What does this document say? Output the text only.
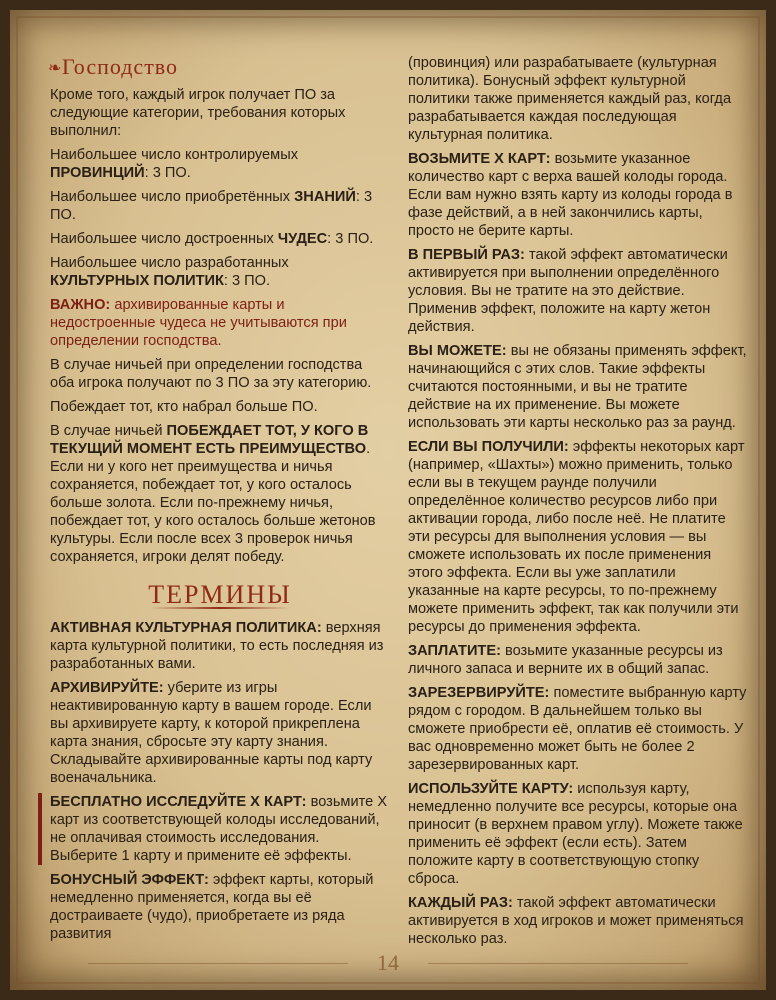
❧ Господство

Кроме того, каждый игрок получает ПО за следующие категории, требования которых выполнил:

Наибольшее число контролируемых ПРОВИНЦИЙ: 3 ПО.

Наибольшее число приобретённых ЗНАНИЙ: 3 ПО.

Наибольшее число достроенных ЧУДЕС: 3 ПО.

Наибольшее число разработанных КУЛЬТУРНЫХ ПОЛИТИК: 3 ПО.

ВАЖНО: архивированные карты и недостроенные чудеса не учитываются при определении господства.

В случае ничьей при определении господства оба игрока получают по 3 ПО за эту категорию.

Побеждает тот, кто набрал больше ПО.

В случае ничьей ПОБЕЖДАЕТ ТОТ, У КОГО В ТЕКУЩИЙ МОМЕНТ ЕСТЬ ПРЕИМУЩЕСТВО. Если ни у кого нет преимущества и ничья сохраняется, побеждает тот, у кого осталось больше золота. Если по-прежнему ничья, побеждает тот, у кого осталось больше жетонов культуры. Если после всех 3 проверок ничья сохраняется, игроки делят победу.

ТЕРМИНЫ

АКТИВНАЯ КУЛЬТУРНАЯ ПОЛИТИКА: верхняя карта культурной политики, то есть последняя из разработанных вами.

АРХИВИРУЙТЕ: уберите из игры неактивированную карту в вашем городе. Если вы архивируете карту, к которой прикреплена карта знания, сбросьте эту карту знания. Складывайте архивированные карты под карту военачальника.

БЕСПЛАТНО ИССЛЕДУЙТЕ X КАРТ: возьмите X карт из соответствующей колоды исследований, не оплачивая стоимость исследования. Выберите 1 карту и примените её эффекты.

БОНУСНЫЙ ЭФФЕКТ: эффект карты, который немедленно применяется, когда вы её достраиваете (чудо), приобретаете из ряда развития

(провинция) или разрабатываете (культурная политика). Бонусный эффект культурной политики также применяется каждый раз, когда разрабатывается каждая последующая культурная политика.

ВОЗЬМИТЕ X КАРТ: возьмите указанное количество карт с верха вашей колоды города. Если вам нужно взять карту из колоды города в фазе действий, а в ней закончились карты, просто не берите карты.

В ПЕРВЫЙ РАЗ: такой эффект автоматически активируется при выполнении определённого условия. Вы не тратите на это действие. Применив эффект, положите на карту жетон действия.

ВЫ МОЖЕТЕ: вы не обязаны применять эффект, начинающийся с этих слов. Такие эффекты считаются постоянными, и вы не тратите действие на их применение. Вы можете использовать эти карты несколько раз за раунд.

ЕСЛИ ВЫ ПОЛУЧИЛИ: эффекты некоторых карт (например, «Шахты») можно применить, только если вы в текущем раунде получили определённое количество ресурсов либо при активации города, либо после неё. Не платите эти ресурсы для выполнения условия — вы сможете использовать их после применения этого эффекта. Если вы уже заплатили указанные на карте ресурсы, то по-прежнему можете применить эффект, так как получили эти ресурсы до применения эффекта.

ЗАПЛАТИТЕ: возьмите указанные ресурсы из личного запаса и верните их в общий запас.

ЗАРЕЗЕРВИРУЙТЕ: поместите выбранную карту рядом с городом. В дальнейшем только вы сможете приобрести её, оплатив её стоимость. У вас одновременно может быть не более 2 зарезервированных карт.

ИСПОЛЬЗУЙТЕ КАРТУ: используя карту, немедленно получите все ресурсы, которые она приносит (в верхнем правом углу). Можете также применить её эффект (если есть). Затем положите карту в соответствующую стопку сброса.

КАЖДЫЙ РАЗ: такой эффект автоматически активируется в ход игроков и может применяться несколько раз.

14
